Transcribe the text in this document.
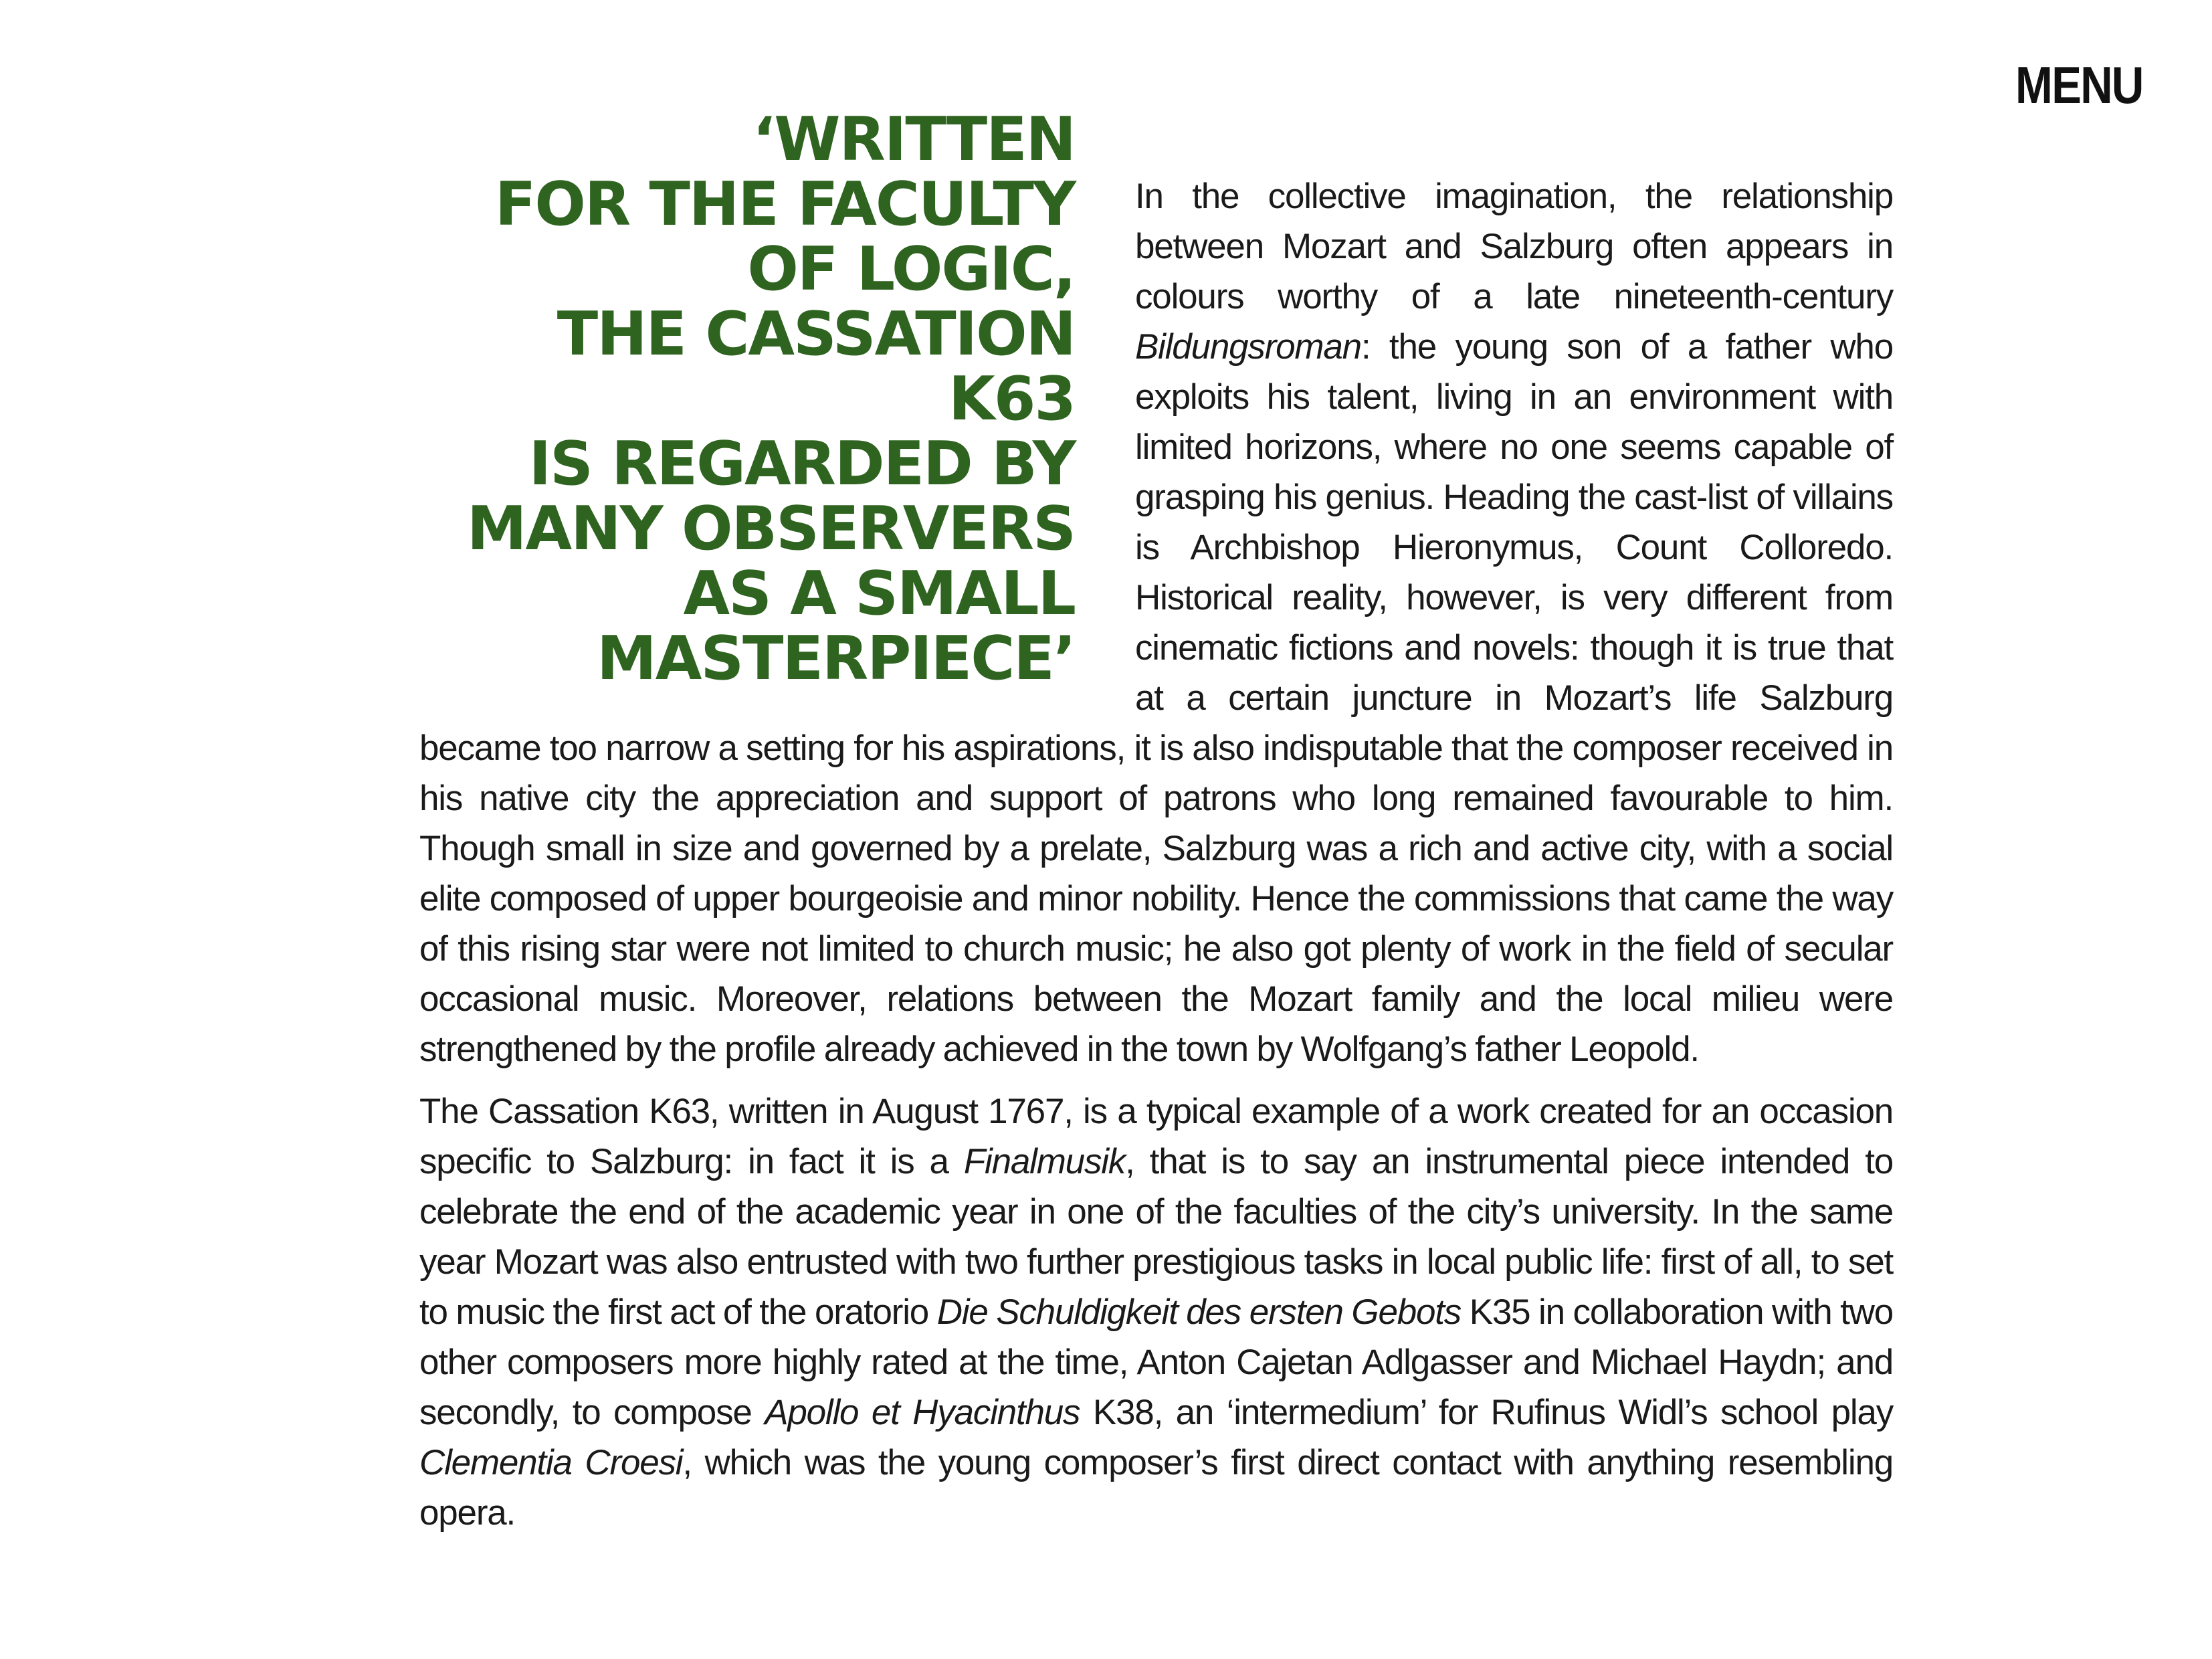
MENU
‘WRITTEN
FOR THE FACULTY
OF LOGIC,
THE CASSATION K63
IS REGARDED BY
MANY OBSERVERS
AS A SMALL
MASTERPIECE’

In the collective imagination, the relationship between Mozart and Salzburg often appears in colours worthy of a late nineteenth-century Bildungsroman: the young son of a father who exploits his talent, living in an environment with limited horizons, where no one seems capable of grasping his genius. Heading the cast-list of villains is Archbishop Hieronymus, Count Colloredo. Historical reality, however, is very different from cinematic fictions and novels: though it is true that at a certain juncture in Mozart’s life Salzburg became too narrow a setting for his aspirations, it is also indisputable that the composer received in his native city the appreciation and support of patrons who long remained favourable to him. Though small in size and governed by a prelate, Salzburg was a rich and active city, with a social elite composed of upper bourgeoisie and minor nobility. Hence the commissions that came the way of this rising star were not limited to church music; he also got plenty of work in the field of secular occasional music. Moreover, relations between the Mozart family and the local milieu were strengthened by the profile already achieved in the town by Wolfgang’s father Leopold.

The Cassation K63, written in August 1767, is a typical example of a work created for an occasion specific to Salzburg: in fact it is a Finalmusik, that is to say an instrumental piece intended to celebrate the end of the academic year in one of the faculties of the city’s university. In the same year Mozart was also entrusted with two further prestigious tasks in local public life: first of all, to set to music the first act of the oratorio Die Schuldigkeit des ersten Gebots K35 in collaboration with two other composers more highly rated at the time, Anton Cajetan Adlgasser and Michael Haydn; and secondly, to compose Apollo et Hyacinthus K38, an ‘intermedium’ for Rufinus Widl’s school play Clementia Croesi, which was the young composer’s first direct contact with anything resembling opera.
